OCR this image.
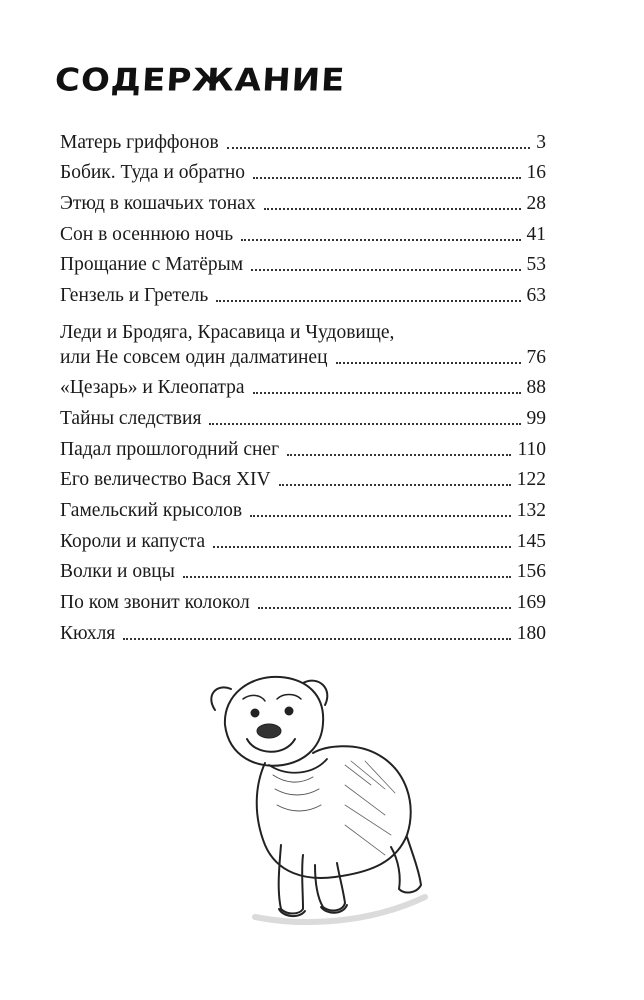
СОДЕРЖАНИЕ
Матерь гриффонов	3
Бобик. Туда и обратно	16
Этюд в кошачьих тонах	28
Сон в осеннюю ночь	41
Прощание с Матёрым	53
Гензель и Гретель	63
Леди и Бродяга, Красавица и Чудовище,
или Не совсем один далматинец	76
«Цезарь» и Клеопатра	88
Тайны следствия	99
Падал прошлогодний снег	110
Его величество Вася XIV	122
Гамельский крысолов	132
Короли и капуста	145
Волки и овцы	156
По ком звонит колокол	169
Кюхля	180
